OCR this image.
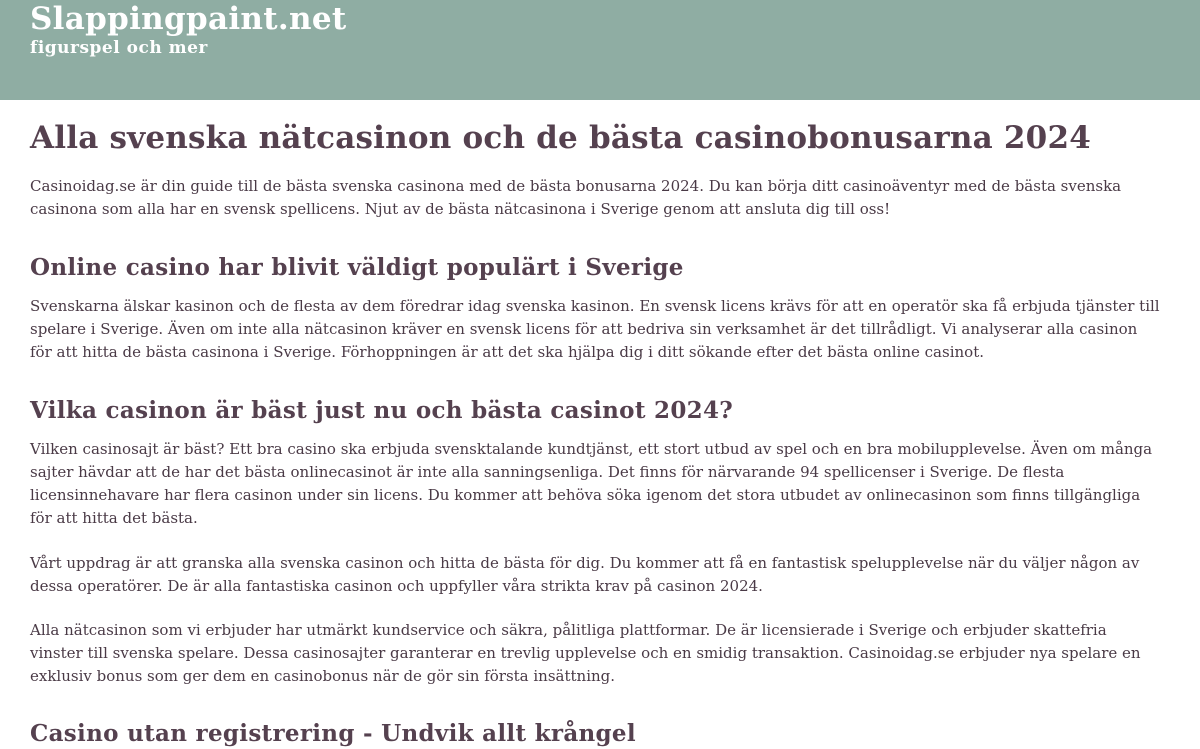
Slappingpaint.net
figurspel och mer
Alla svenska nätcasinon och de bästa casinobonusarna 2024

Casinoidag.se är din guide till de bästa svenska casinona med de bästa bonusarna 2024. Du kan börja ditt casinoäventyr med de bästa svenska
casinona som alla har en svensk spellicens. Njut av de bästa nätcasinona i Sverige genom att ansluta dig till oss!

Online casino har blivit väldigt populärt i Sverige

Svenskarna älskar kasinon och de flesta av dem föredrar idag svenska kasinon. En svensk licens krävs för att en operatör ska få erbjuda tjänster till
spelare i Sverige. Även om inte alla nätcasinon kräver en svensk licens för att bedriva sin verksamhet är det tillrådligt. Vi analyserar alla casinon
för att hitta de bästa casinona i Sverige. Förhoppningen är att det ska hjälpa dig i ditt sökande efter det bästa online casinot.

Vilka casinon är bäst just nu och bästa casinot 2024?

Vilken casinosajt är bäst? Ett bra casino ska erbjuda svensktalande kundtjänst, ett stort utbud av spel och en bra mobilupplevelse. Även om många
sajter hävdar att de har det bästa onlinecasinot är inte alla sanningsenliga. Det finns för närvarande 94 spellicenser i Sverige. De flesta
licensinnehavare har flera casinon under sin licens. Du kommer att behöva söka igenom det stora utbudet av onlinecasinon som finns tillgängliga
för att hitta det bästa.

Vårt uppdrag är att granska alla svenska casinon och hitta de bästa för dig. Du kommer att få en fantastisk spelupplevelse när du väljer någon av
dessa operatörer. De är alla fantastiska casinon och uppfyller våra strikta krav på casinon 2024.

Alla nätcasinon som vi erbjuder har utmärkt kundservice och säkra, pålitliga plattformar. De är licensierade i Sverige och erbjuder skattefria
vinster till svenska spelare. Dessa casinosajter garanterar en trevlig upplevelse och en smidig transaktion. Casinoidag.se erbjuder nya spelare en
exklusiv bonus som ger dem en casinobonus när de gör sin första insättning.

Casino utan registrering - Undvik allt krångel
